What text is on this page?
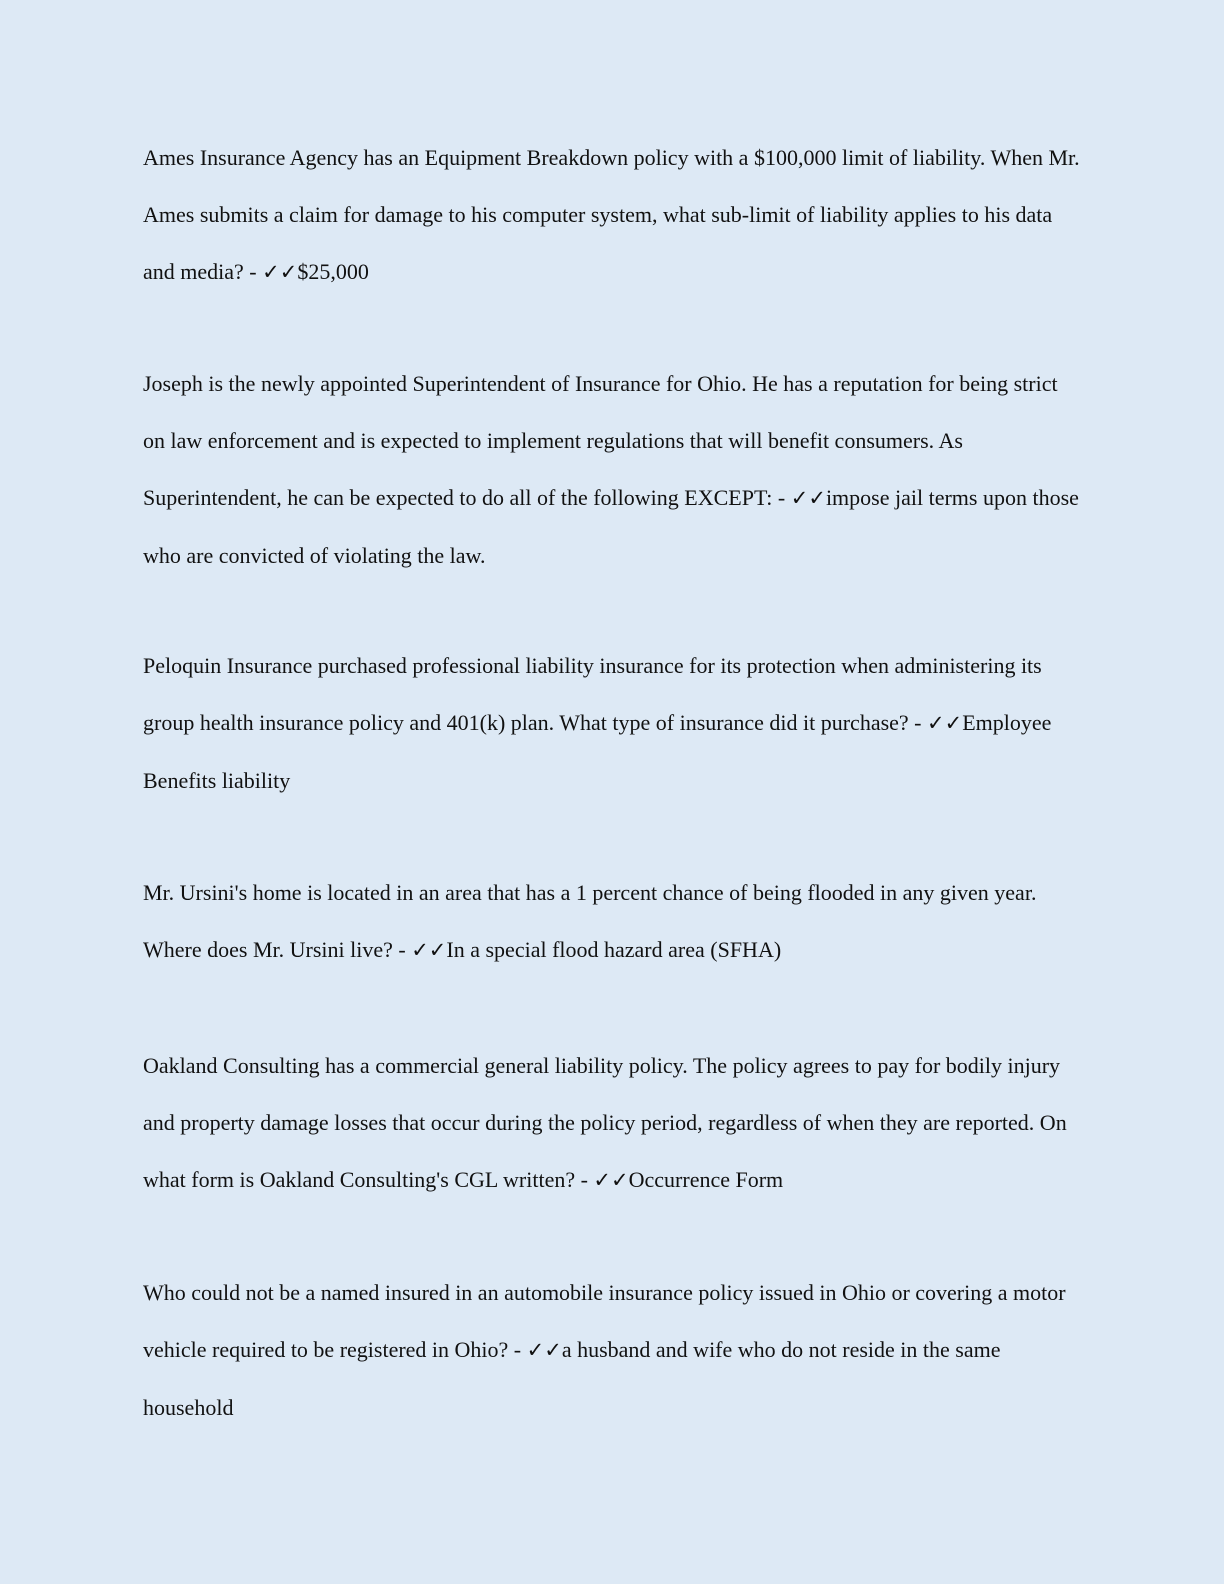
Ames Insurance Agency has an Equipment Breakdown policy with a $100,000 limit of liability. When Mr. Ames submits a claim for damage to his computer system, what sub-limit of liability applies to his data and media? - ✓✓$25,000

Joseph is the newly appointed Superintendent of Insurance for Ohio. He has a reputation for being strict on law enforcement and is expected to implement regulations that will benefit consumers. As Superintendent, he can be expected to do all of the following EXCEPT: - ✓✓impose jail terms upon those who are convicted of violating the law.

Peloquin Insurance purchased professional liability insurance for its protection when administering its group health insurance policy and 401(k) plan. What type of insurance did it purchase? - ✓✓Employee Benefits liability

Mr. Ursini's home is located in an area that has a 1 percent chance of being flooded in any given year. Where does Mr. Ursini live? - ✓✓In a special flood hazard area (SFHA)

Oakland Consulting has a commercial general liability policy. The policy agrees to pay for bodily injury and property damage losses that occur during the policy period, regardless of when they are reported. On what form is Oakland Consulting's CGL written? - ✓✓Occurrence Form

Who could not be a named insured in an automobile insurance policy issued in Ohio or covering a motor vehicle required to be registered in Ohio? - ✓✓a husband and wife who do not reside in the same household
